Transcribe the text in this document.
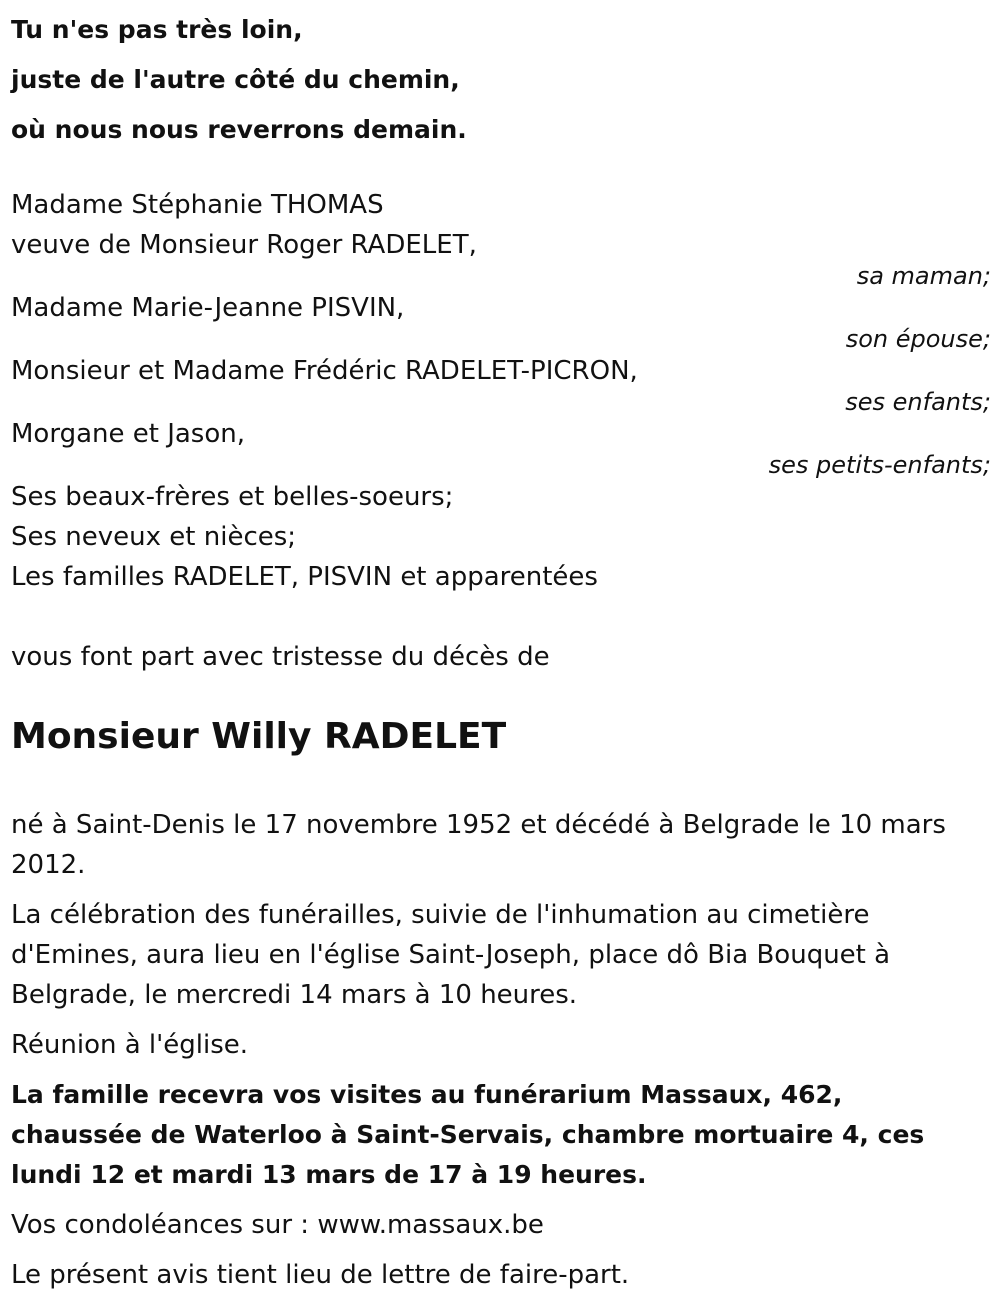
Tu n'es pas très loin,
juste de l'autre côté du chemin,
où nous nous reverrons demain.
Madame Stéphanie THOMAS
veuve de Monsieur Roger RADELET,
sa maman;
Madame Marie-Jeanne PISVIN,
son épouse;
Monsieur et Madame Frédéric RADELET-PICRON,
ses enfants;
Morgane et Jason,
ses petits-enfants;
Ses beaux-frères et belles-soeurs;
Ses neveux et nièces;
Les familles RADELET, PISVIN et apparentées
vous font part avec tristesse du décès de
Monsieur Willy RADELET

né à Saint-Denis le 17 novembre 1952 et décédé à Belgrade le 10 mars 2012.

La célébration des funérailles, suivie de l'inhumation au cimetière d'Emines, aura lieu en l'église Saint-Joseph, place dô Bia Bouquet à Belgrade, le mercredi 14 mars à 10 heures.

Réunion à l'église.

La famille recevra vos visites au funérarium Massaux, 462, chaussée de Waterloo à Saint-Servais, chambre mortuaire 4, ces lundi 12 et mardi 13 mars de 17 à 19 heures.

Vos condoléances sur : www.massaux.be

Le présent avis tient lieu de lettre de faire-part.
